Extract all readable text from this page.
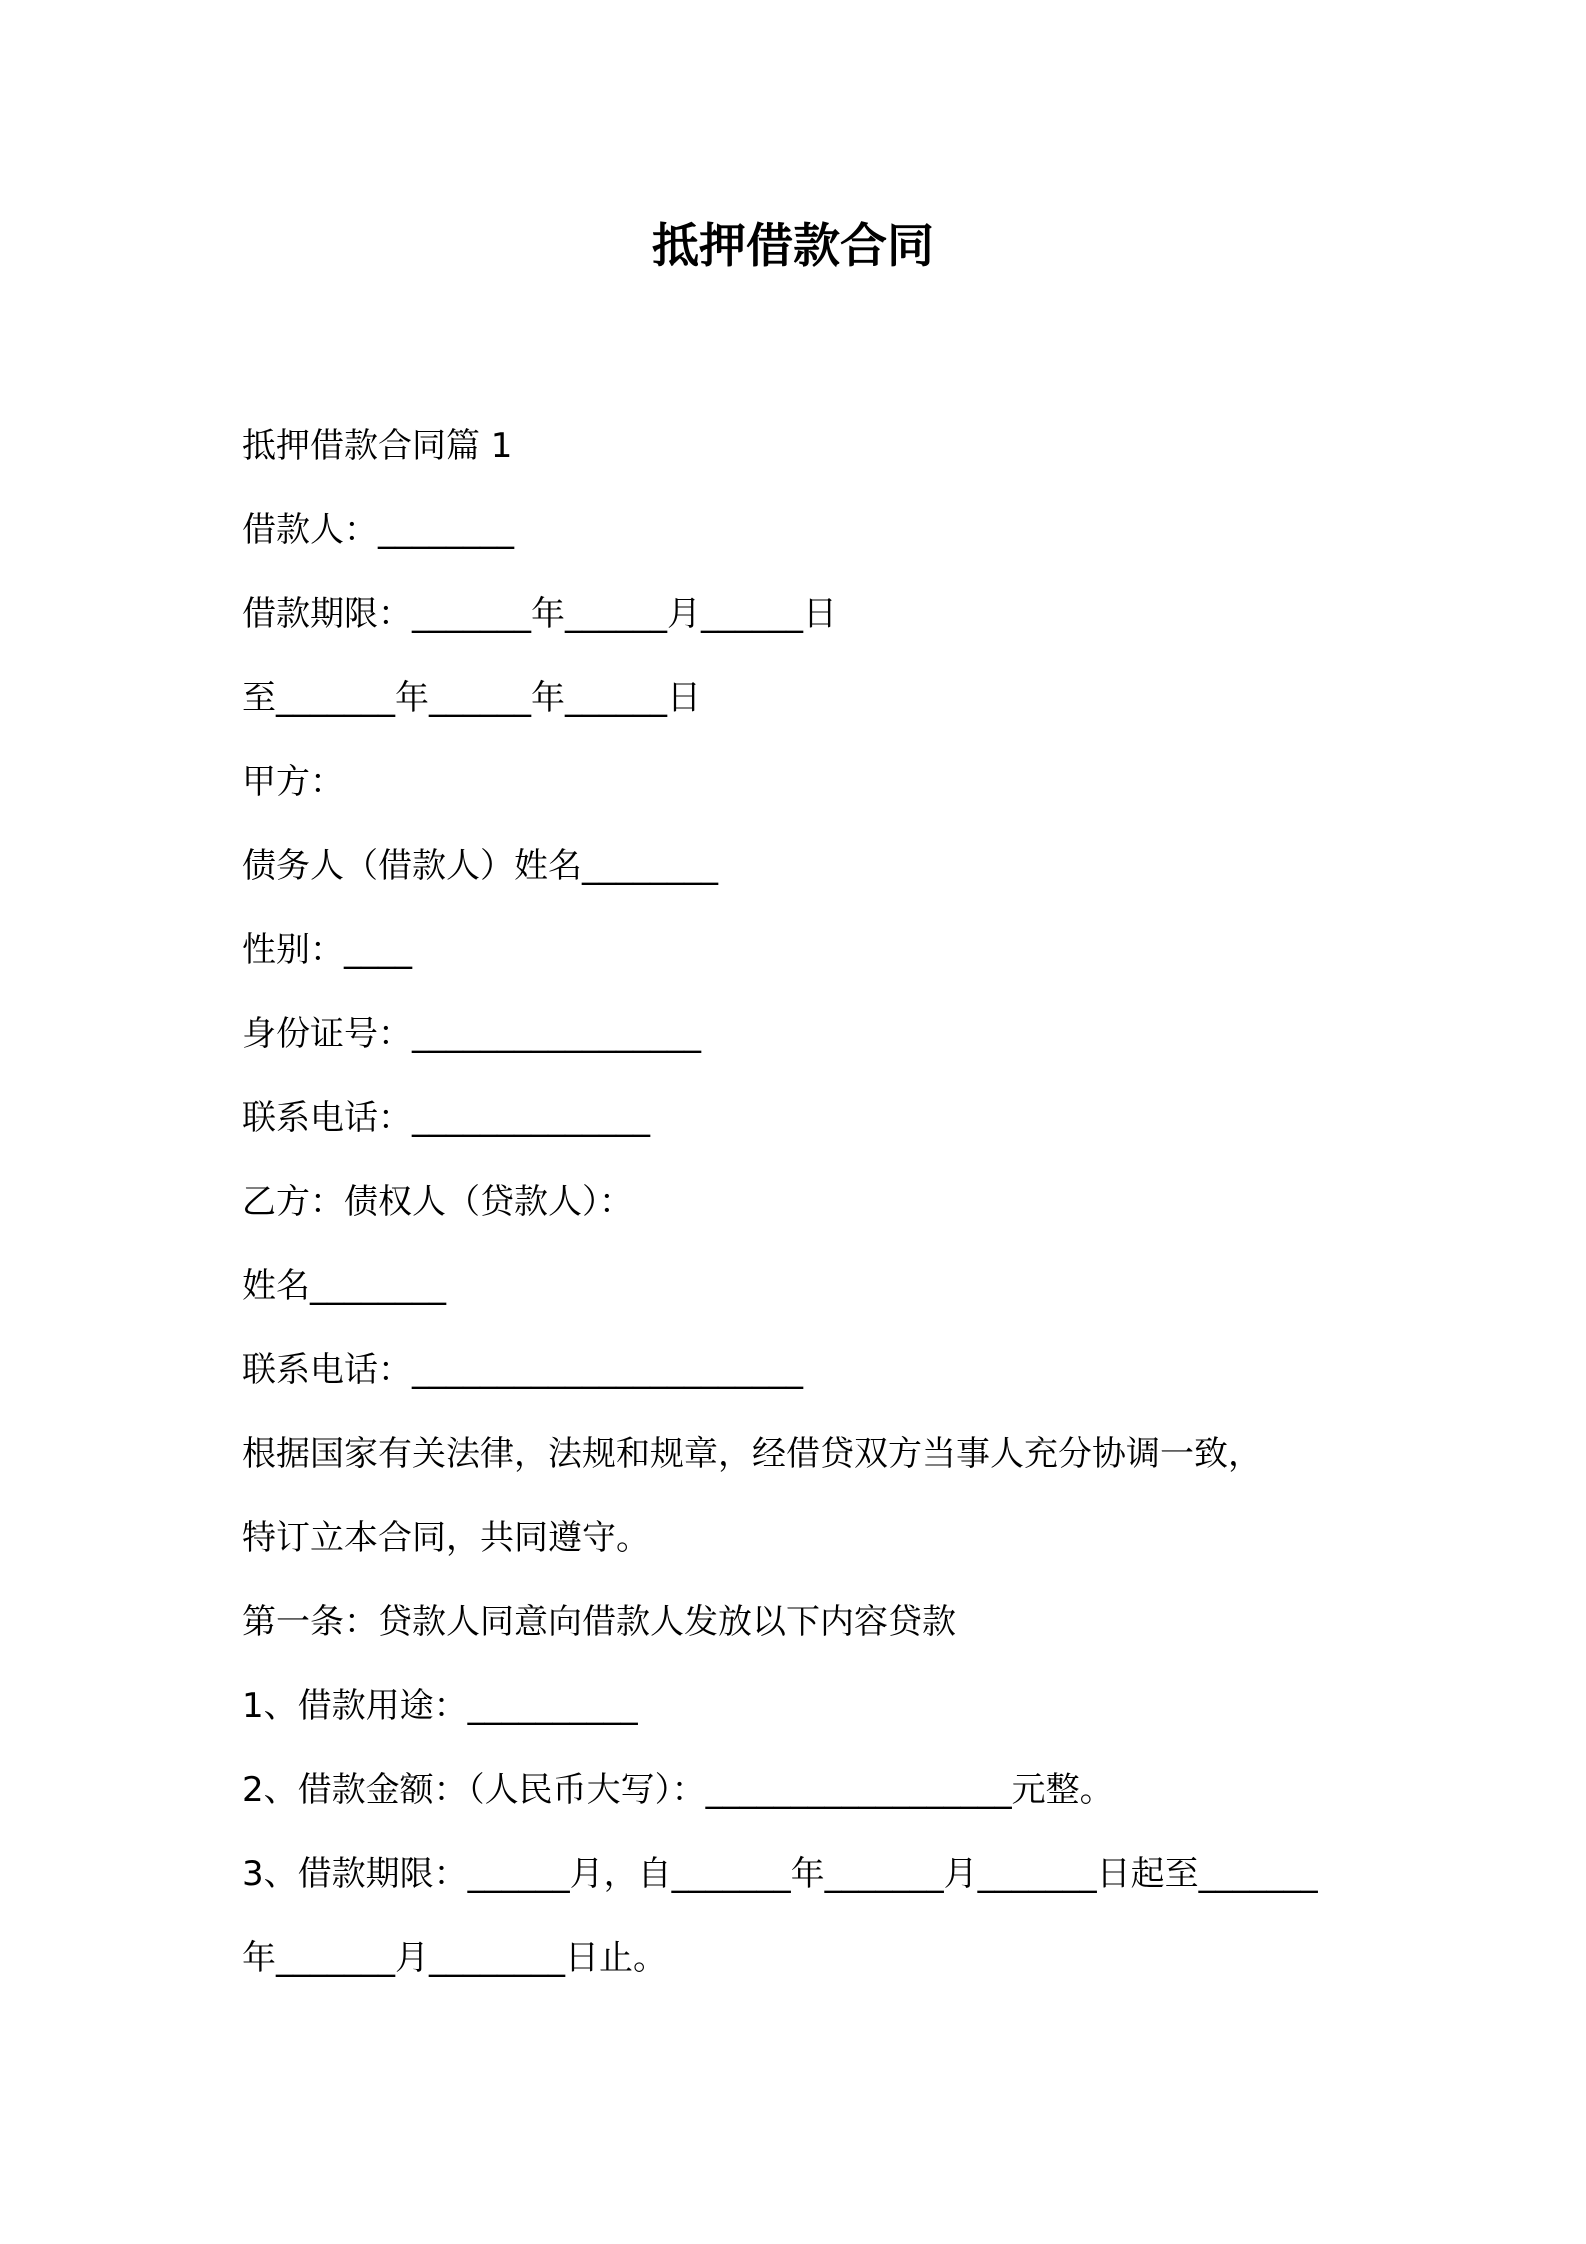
抵押借款合同

抵押借款合同篇 1

借款人：________

借款期限：_______年______月______日

至_______年______年______日

甲方：

债务人（借款人）姓名________

性别：____

身份证号：_________________

联系电话：______________

乙方：债权人（贷款人）：

姓名________

联系电话：_______________________

根据国家有关法律，法规和规章，经借贷双方当事人充分协调一致，

特订立本合同，共同遵守。

第一条：贷款人同意向借款人发放以下内容贷款

1、借款用途：__________

2、借款金额：（人民币大写）：__________________元整。

3、借款期限：______月，自_______年_______月_______日起至_______

年_______月________日止。
